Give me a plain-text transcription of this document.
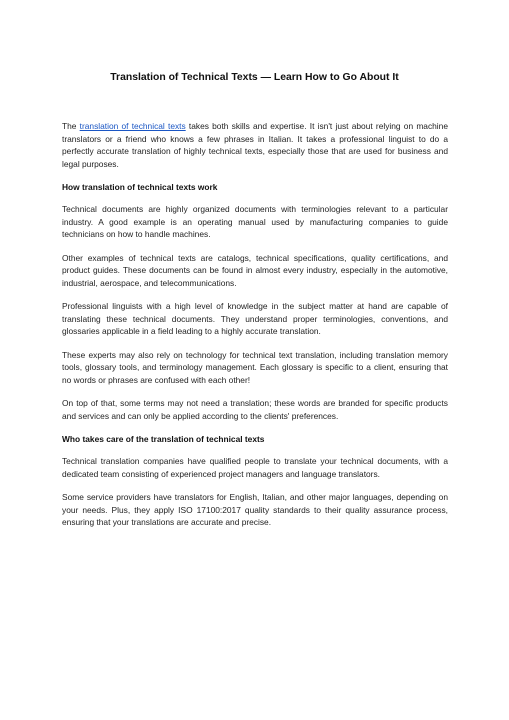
Translation of Technical Texts — Learn How to Go About It

The translation of technical texts takes both skills and expertise. It isn't just about relying on machine translators or a friend who knows a few phrases in Italian. It takes a professional linguist to do a perfectly accurate translation of highly technical texts, especially those that are used for business and legal purposes.

How translation of technical texts work

Technical documents are highly organized documents with terminologies relevant to a particular industry. A good example is an operating manual used by manufacturing companies to guide technicians on how to handle machines.

Other examples of technical texts are catalogs, technical specifications, quality certifications, and product guides. These documents can be found in almost every industry, especially in the automotive, industrial, aerospace, and telecommunications.

Professional linguists with a high level of knowledge in the subject matter at hand are capable of translating these technical documents. They understand proper terminologies, conventions, and glossaries applicable in a field leading to a highly accurate translation.

These experts may also rely on technology for technical text translation, including translation memory tools, glossary tools, and terminology management. Each glossary is specific to a client, ensuring that no words or phrases are confused with each other!

On top of that, some terms may not need a translation; these words are branded for specific products and services and can only be applied according to the clients' preferences.

Who takes care of the translation of technical texts

Technical translation companies have qualified people to translate your technical documents, with a dedicated team consisting of experienced project managers and language translators.

Some service providers have translators for English, Italian, and other major languages, depending on your needs. Plus, they apply ISO 17100:2017 quality standards to their quality assurance process, ensuring that your translations are accurate and precise.
